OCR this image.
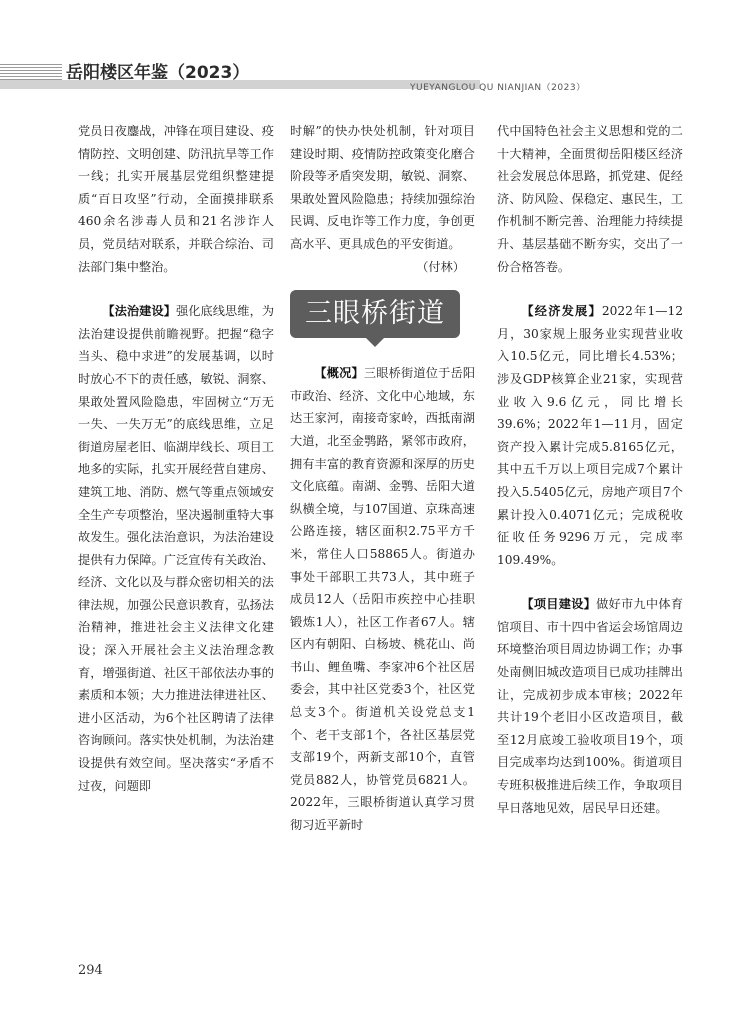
岳阳楼区年鉴（2023）
YUEYANGLOU QU NIANJIAN（2023）

党员日夜鏖战，冲锋在项目建设、疫情防控、文明创建、防汛抗旱等工作一线；扎实开展基层党组织整建提质“百日攻坚”行动，全面摸排联系460余名涉毒人员和21名涉诈人员，党员结对联系，并联合综治、司法部门集中整治。

【法治建设】强化底线思维，为法治建设提供前瞻视野。把握“稳字当头、稳中求进”的发展基调，以时时放心不下的责任感，敏锐、洞察、果敢处置风险隐患，牢固树立“万无一失、一失万无”的底线思维，立足街道房屋老旧、临湖岸线长、项目工地多的实际，扎实开展经营自建房、建筑工地、消防、燃气等重点领域安全生产专项整治，坚决遏制重特大事故发生。强化法治意识，为法治建设提供有力保障。广泛宣传有关政治、经济、文化以及与群众密切相关的法律法规，加强公民意识教育，弘扬法治精神，推进社会主义法律文化建设；深入开展社会主义法治理念教育，增强街道、社区干部依法办事的素质和本领；大力推进法律进社区、进小区活动，为6个社区聘请了法律咨询顾问。落实快处机制，为法治建设提供有效空间。坚决落实“矛盾不过夜，问题即

时解”的快办快处机制，针对项目建设时期、疫情防控政策变化磨合阶段等矛盾突发期，敏锐、洞察、果敢处置风险隐患；持续加强综治民调、反电诈等工作力度，争创更高水平、更具成色的平安街道。

（付林）

三眼桥街道

【概况】三眼桥街道位于岳阳市政治、经济、文化中心地域，东达王家河，南接奇家岭，西抵南湖大道，北至金鹗路，紧邻市政府，拥有丰富的教育资源和深厚的历史文化底蕴。南湖、金鹗、岳阳大道纵横全境，与107国道、京珠高速公路连接，辖区面积2.75平方千米，常住人口58865人。街道办事处干部职工共73人，其中班子成员12人（岳阳市疾控中心挂职锻炼1人），社区工作者67人。辖区内有朝阳、白杨坡、桃花山、尚书山、鲤鱼嘴、李家冲6个社区居委会，其中社区党委3个，社区党总支3个。街道机关设党总支1个、老干支部1个，各社区基层党支部19个，两新支部10个，直管党员882人，协管党员6821人。2022年，三眼桥街道认真学习贯彻习近平新时

代中国特色社会主义思想和党的二十大精神，全面贯彻岳阳楼区经济社会发展总体思路，抓党建、促经济、防风险、保稳定、惠民生，工作机制不断完善、治理能力持续提升、基层基础不断夯实，交出了一份合格答卷。

【经济发展】2022年1—12月，30家规上服务业实现营业收入10.5亿元，同比增长4.53%；涉及GDP核算企业21家，实现营业收入9.6亿元，同比增长39.6%；2022年1—11月，固定资产投入累计完成5.8165亿元，其中五千万以上项目完成7个累计投入5.5405亿元，房地产项目7个累计投入0.4071亿元；完成税收征收任务9296万元，完成率109.49%。

【项目建设】做好市九中体育馆项目、市十四中省运会场馆周边环境整治项目周边协调工作；办事处南侧旧城改造项目已成功挂牌出让，完成初步成本审核；2022年共计19个老旧小区改造项目，截至12月底竣工验收项目19个，项目完成率均达到100%。街道项目专班积极推进后续工作，争取项目早日落地见效，居民早日还建。

294
